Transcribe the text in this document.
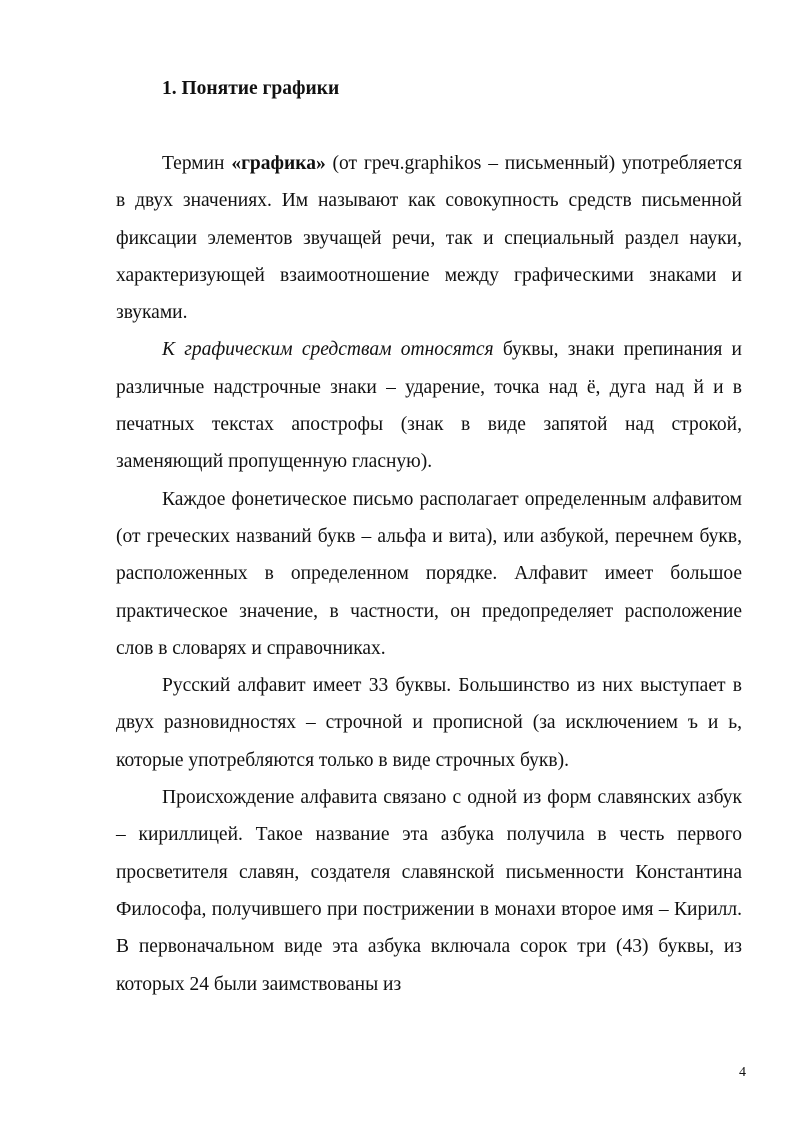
1. Понятие графики

Термин «графика» (от греч.graphikos – письменный) употребляется в двух значениях. Им называют как совокупность средств письменной фиксации элементов звучащей речи, так и специальный раздел науки, характеризующей взаимоотношение между графическими знаками и звуками.

К графическим средствам относятся буквы, знаки препинания и различные надстрочные знаки – ударение, точка над ё, дуга над й и в печатных текстах апострофы (знак в виде запятой над строкой, заменяющий пропущенную гласную).

Каждое фонетическое письмо располагает определенным алфавитом (от греческих названий букв – альфа и вита), или азбукой, перечнем букв, расположенных в определенном порядке. Алфавит имеет большое практическое значение, в частности, он предопределяет расположение слов в словарях и справочниках.

Русский алфавит имеет 33 буквы. Большинство из них выступает в двух разновидностях – строчной и прописной (за исключением ъ и ь, которые употребляются только в виде строчных букв).

Происхождение алфавита связано с одной из форм славянских азбук – кириллицей. Такое название эта азбука получила в честь первого просветителя славян, создателя славянской письменности Константина Философа, получившего при пострижении в монахи второе имя – Кирилл. В первоначальном виде эта азбука включала сорок три (43) буквы, из которых 24 были заимствованы из

4
